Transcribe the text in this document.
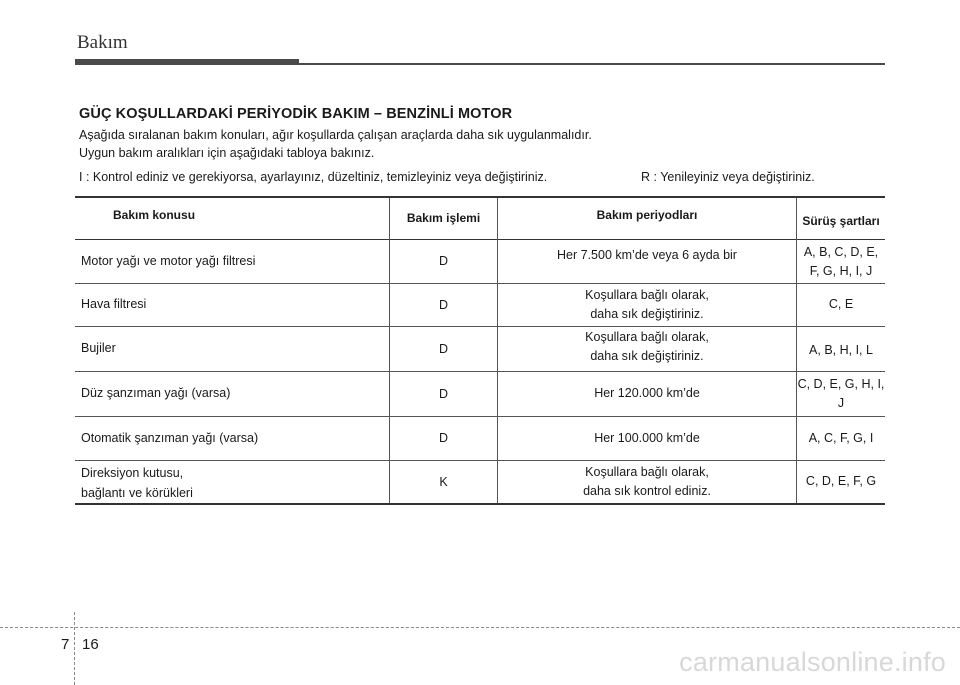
Bakım
GÜÇ KOŞULLARDAKİ PERİYODİK BAKIM – BENZİNLİ MOTOR
Aşağıda sıralanan bakım konuları, ağır koşullarda çalışan araçlarda daha sık uygulanmalıdır.
Uygun bakım aralıkları için aşağıdaki tabloya bakınız.
I : Kontrol ediniz ve gerekiyorsa, ayarlayınız, düzeltiniz, temizleyiniz veya değiştiriniz.	R : Yenileyiniz veya değiştiriniz.
Bakım konusu	Bakım işlemi	Bakım periyodları	Sürüş şartları

Motor yağı ve motor yağı filtresi	D	Her 7.500 km’de veya 6 ayda bir	A, B, C, D, E,
F, G, H, I, J

Hava filtresi	D	Koşullara bağlı olarak,
daha sık değiştiriniz.	C, E

Bujiler	D	Koşullara bağlı olarak,
daha sık değiştiriniz.	A, B, H, I, L

Düz şanzıman yağı (varsa)	D	Her 120.000 km’de	C, D, E, G, H, I, J

Otomatik şanzıman yağı (varsa)	D	Her 100.000 km’de	A, C, F, G, I

Direksiyon kutusu,
bağlantı ve körükleri	K	Koşullara bağlı olarak,
daha sık kontrol ediniz.	C, D, E, F, G
7 16
carmanualsonline.info
